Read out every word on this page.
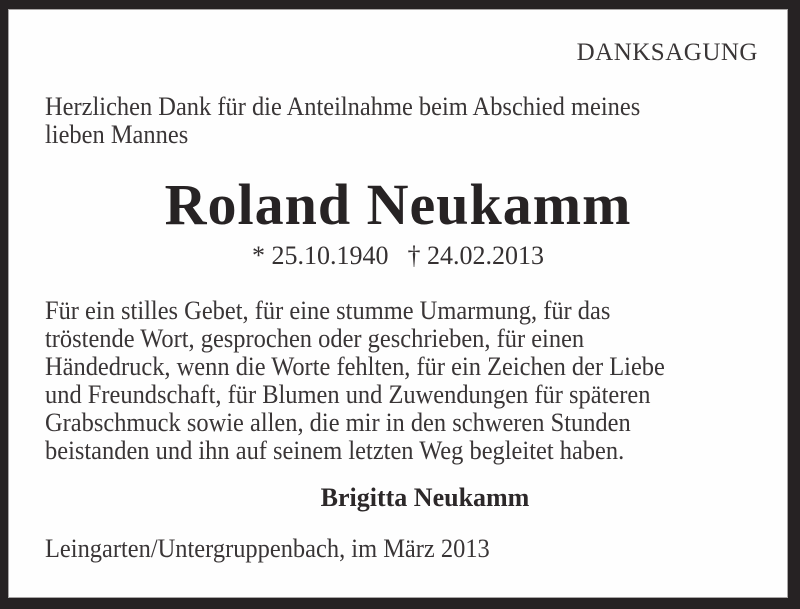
DANKSAGUNG
Herzlichen Dank für die Anteilnahme beim Abschied meines
lieben Mannes
Roland Neukamm
* 25.10.1940 † 24.02.2013
Für ein stilles Gebet, für eine stumme Umarmung, für das
tröstende Wort, gesprochen oder geschrieben, für einen
Händedruck, wenn die Worte fehlten, für ein Zeichen der Liebe
und Freundschaft, für Blumen und Zuwendungen für späteren
Grabschmuck sowie allen, die mir in den schweren Stunden
beistanden und ihn auf seinem letzten Weg begleitet haben.
Brigitta Neukamm
Leingarten/Untergruppenbach, im März 2013
